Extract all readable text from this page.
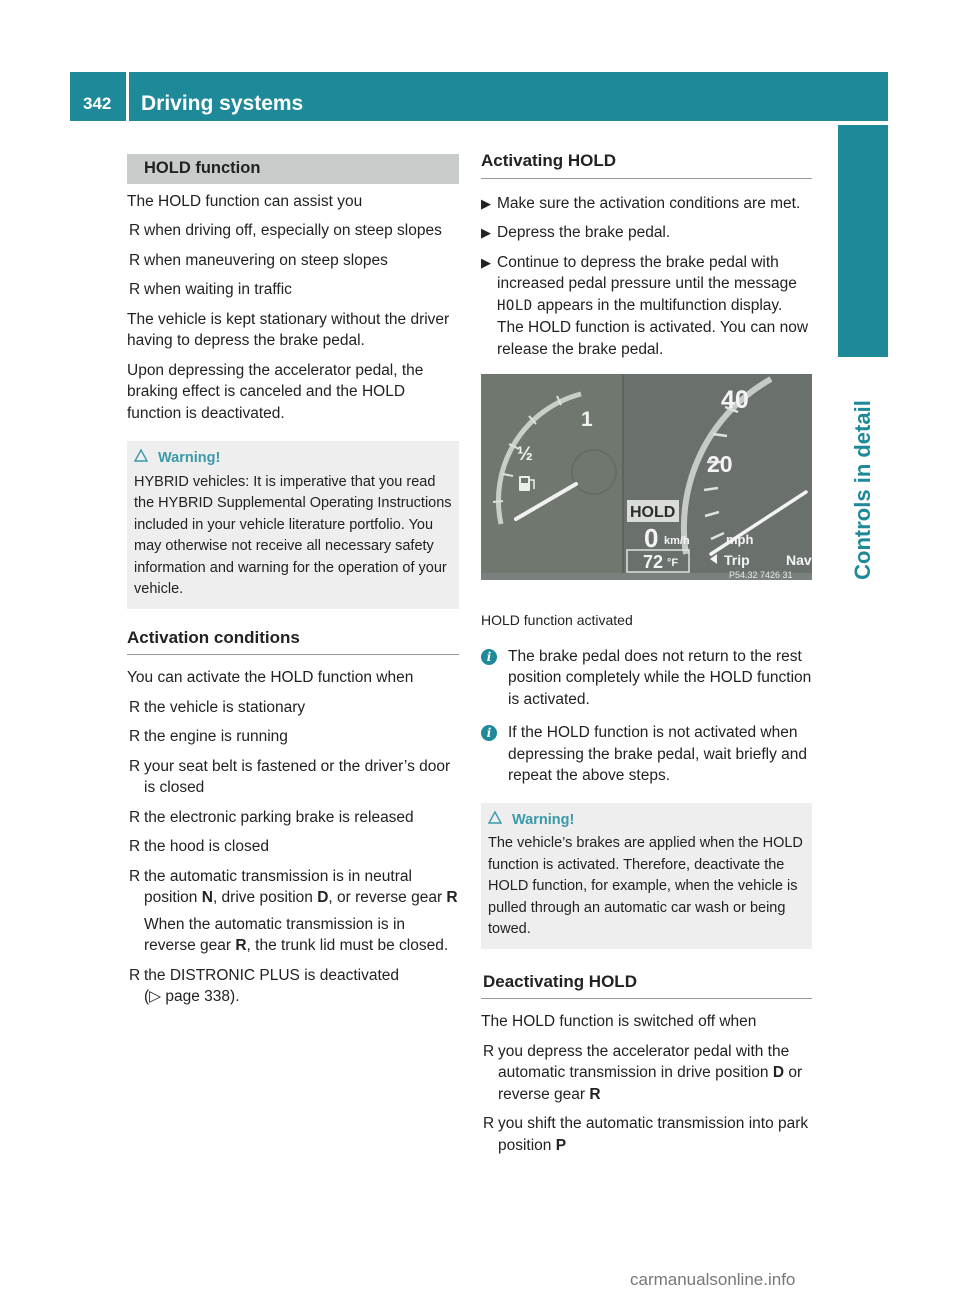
342 Driving systems
Controls in detail
HOLD function

The HOLD function can assist you

R when driving off, especially on steep slopes
R when maneuvering on steep slopes
R when waiting in traffic

The vehicle is kept stationary without the driver having to depress the brake pedal.

Upon depressing the accelerator pedal, the braking effect is canceled and the HOLD function is deactivated.

Warning!
HYBRID vehicles: It is imperative that you read the HYBRID Supplemental Operating Instructions included in your vehicle literature portfolio. You may otherwise not receive all necessary safety information and warning for the operation of your vehicle.
Activation conditions

You can activate the HOLD function when

R the vehicle is stationary
R the engine is running
R your seat belt is fastened or the driver’s door is closed
R the electronic parking brake is released
R the hood is closed
R the automatic transmission is in neutral position N, drive position D, or reverse gear R
When the automatic transmission is in reverse gear R, the trunk lid must be closed.
R the DISTRONIC PLUS is deactivated
(▷ page 338).
Activating HOLD
▶ Make sure the activation conditions are met.
▶ Depress the brake pedal.
▶ Continue to depress the brake pedal with increased pedal pressure until the message HOLD appears in the multifunction display. The HOLD function is activated. You can now release the brake pedal.
1
½
40
20
mph
HOLD
0 km/h
72 °F	Trip	Nav
P54.32 7426 31

HOLD function activated

i	The brake pedal does not return to the rest position completely while the HOLD function is activated.
i	If the HOLD function is not activated when depressing the brake pedal, wait briefly and repeat the above steps.
Warning!
The vehicle’s brakes are applied when the HOLD function is activated. Therefore, deactivate the HOLD function, for example, when the vehicle is pulled through an automatic car wash or being towed.
Deactivating HOLD

The HOLD function is switched off when

R you depress the accelerator pedal with the automatic transmission in drive position D or reverse gear R
R you shift the automatic transmission into park position P
carmanualsonline.info
